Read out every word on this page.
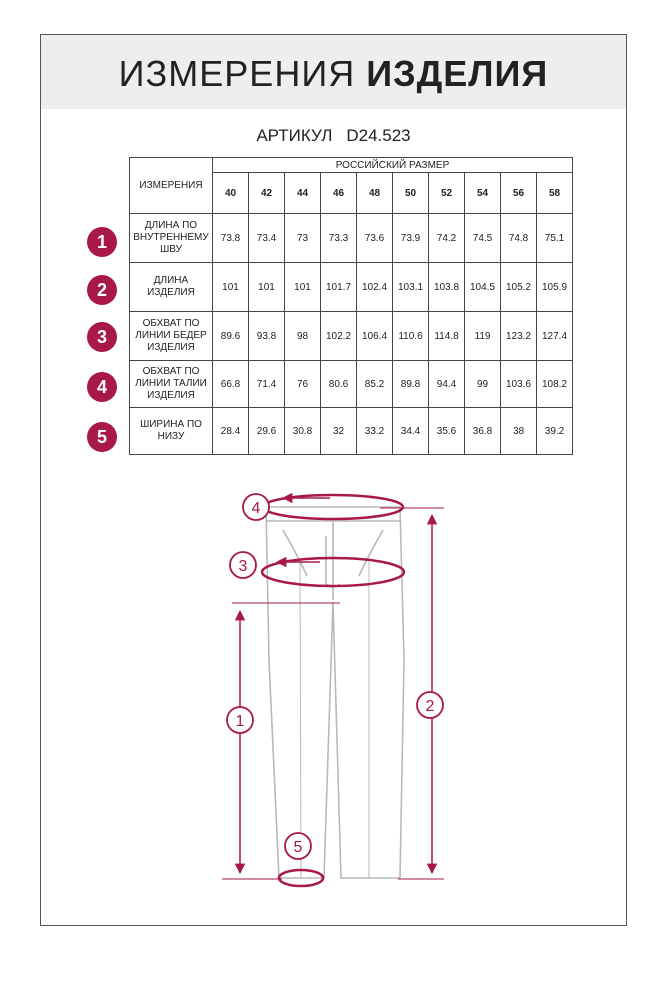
ИЗМЕРЕНИЯ ИЗДЕЛИЯ
АРТИКУЛ D24.523
ИЗМЕРЕНИЯ	РОССИЙСКИЙ РАЗМЕР									
	40	42	44	46	48	50	52	54	56	58
ДЛИНА ПО ВНУТРЕННЕМУ ШВУ	73.8	73.4	73	73.3	73.6	73.9	74.2	74.5	74.8	75.1
ДЛИНА ИЗДЕЛИЯ	101	101	101	101.7	102.4	103.1	103.8	104.5	105.2	105.9
ОБХВАТ ПО ЛИНИИ БЕДЕР ИЗДЕЛИЯ	89.6	93.8	98	102.2	106.4	110.6	114.8	119	123.2	127.4
ОБХВАТ ПО ЛИНИИ ТАЛИИ ИЗДЕЛИЯ	66.8	71.4	76	80.6	85.2	89.8	94.4	99	103.6	108.2
ШИРИНА ПО НИЗУ	28.4	29.6	30.8	32	33.2	34.4	35.6	36.8	38	39.2
1
2
3
4
5
4
3
1
2
5
